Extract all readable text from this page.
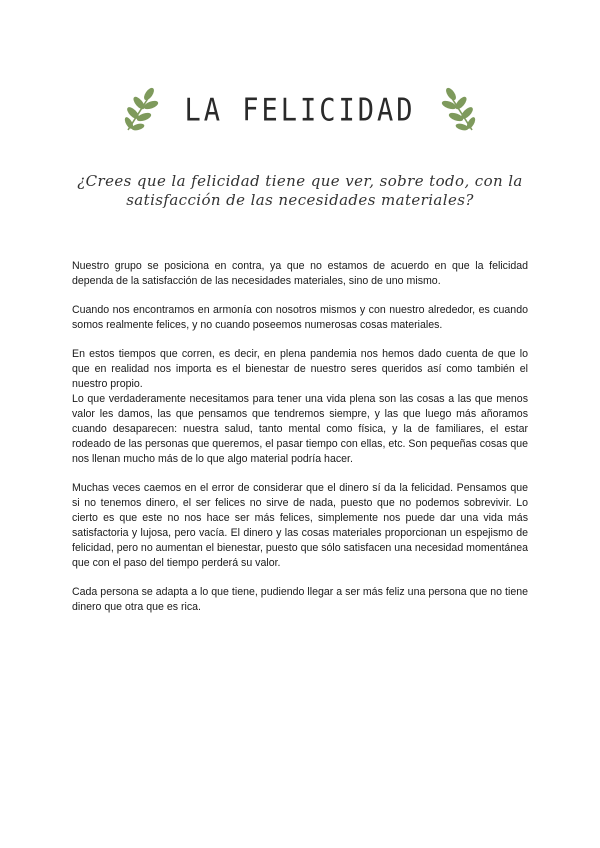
LA FELICIDAD
¿Crees que la felicidad tiene que ver, sobre todo, con la satisfacción de las necesidades materiales?

Nuestro grupo se posiciona en contra, ya que no estamos de acuerdo en que la felicidad dependa de la satisfacción de las necesidades materiales, sino de uno mismo.

Cuando nos encontramos en armonía con nosotros mismos y con nuestro alrededor, es cuando somos realmente felices, y no cuando poseemos numerosas cosas materiales.

En estos tiempos que corren, es decir, en plena pandemia nos hemos dado cuenta de que lo que en realidad nos importa es el bienestar de nuestro seres queridos así como también el nuestro propio.

Lo que verdaderamente necesitamos para tener una vida plena son las cosas a las que menos valor les damos, las que pensamos que tendremos siempre, y las que luego más añoramos cuando desaparecen: nuestra salud, tanto mental como física, y la de familiares, el estar rodeado de las personas que queremos, el pasar tiempo con ellas, etc. Son pequeñas cosas que nos llenan mucho más de lo que algo material podría hacer.

Muchas veces caemos en el error de considerar que el dinero sí da la felicidad. Pensamos que si no tenemos dinero, el ser felices no sirve de nada, puesto que no podemos sobrevivir. Lo cierto es que este no nos hace ser más felices, simplemente nos puede dar una vida más satisfactoria y lujosa, pero vacía. El dinero y las cosas materiales proporcionan un espejismo de felicidad, pero no aumentan el bienestar, puesto que sólo satisfacen una necesidad momentánea que con el paso del tiempo perderá su valor.

Cada persona se adapta a lo que tiene, pudiendo llegar a ser más feliz una persona que no tiene dinero que otra que es rica.
